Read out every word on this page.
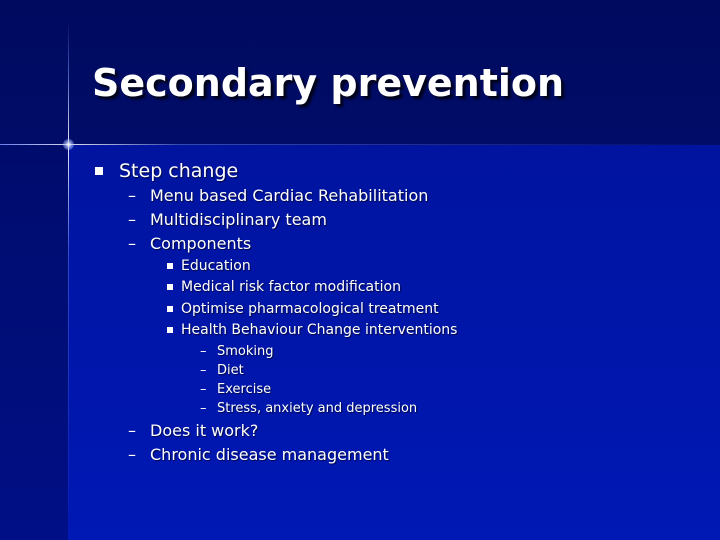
Secondary prevention
Step change
– Menu based Cardiac Rehabilitation
– Multidisciplinary team
– Components
Education
Medical risk factor modification
Optimise pharmacological treatment
Health Behaviour Change interventions
– Smoking
– Diet
– Exercise
– Stress, anxiety and depression
– Does it work?
– Chronic disease management
